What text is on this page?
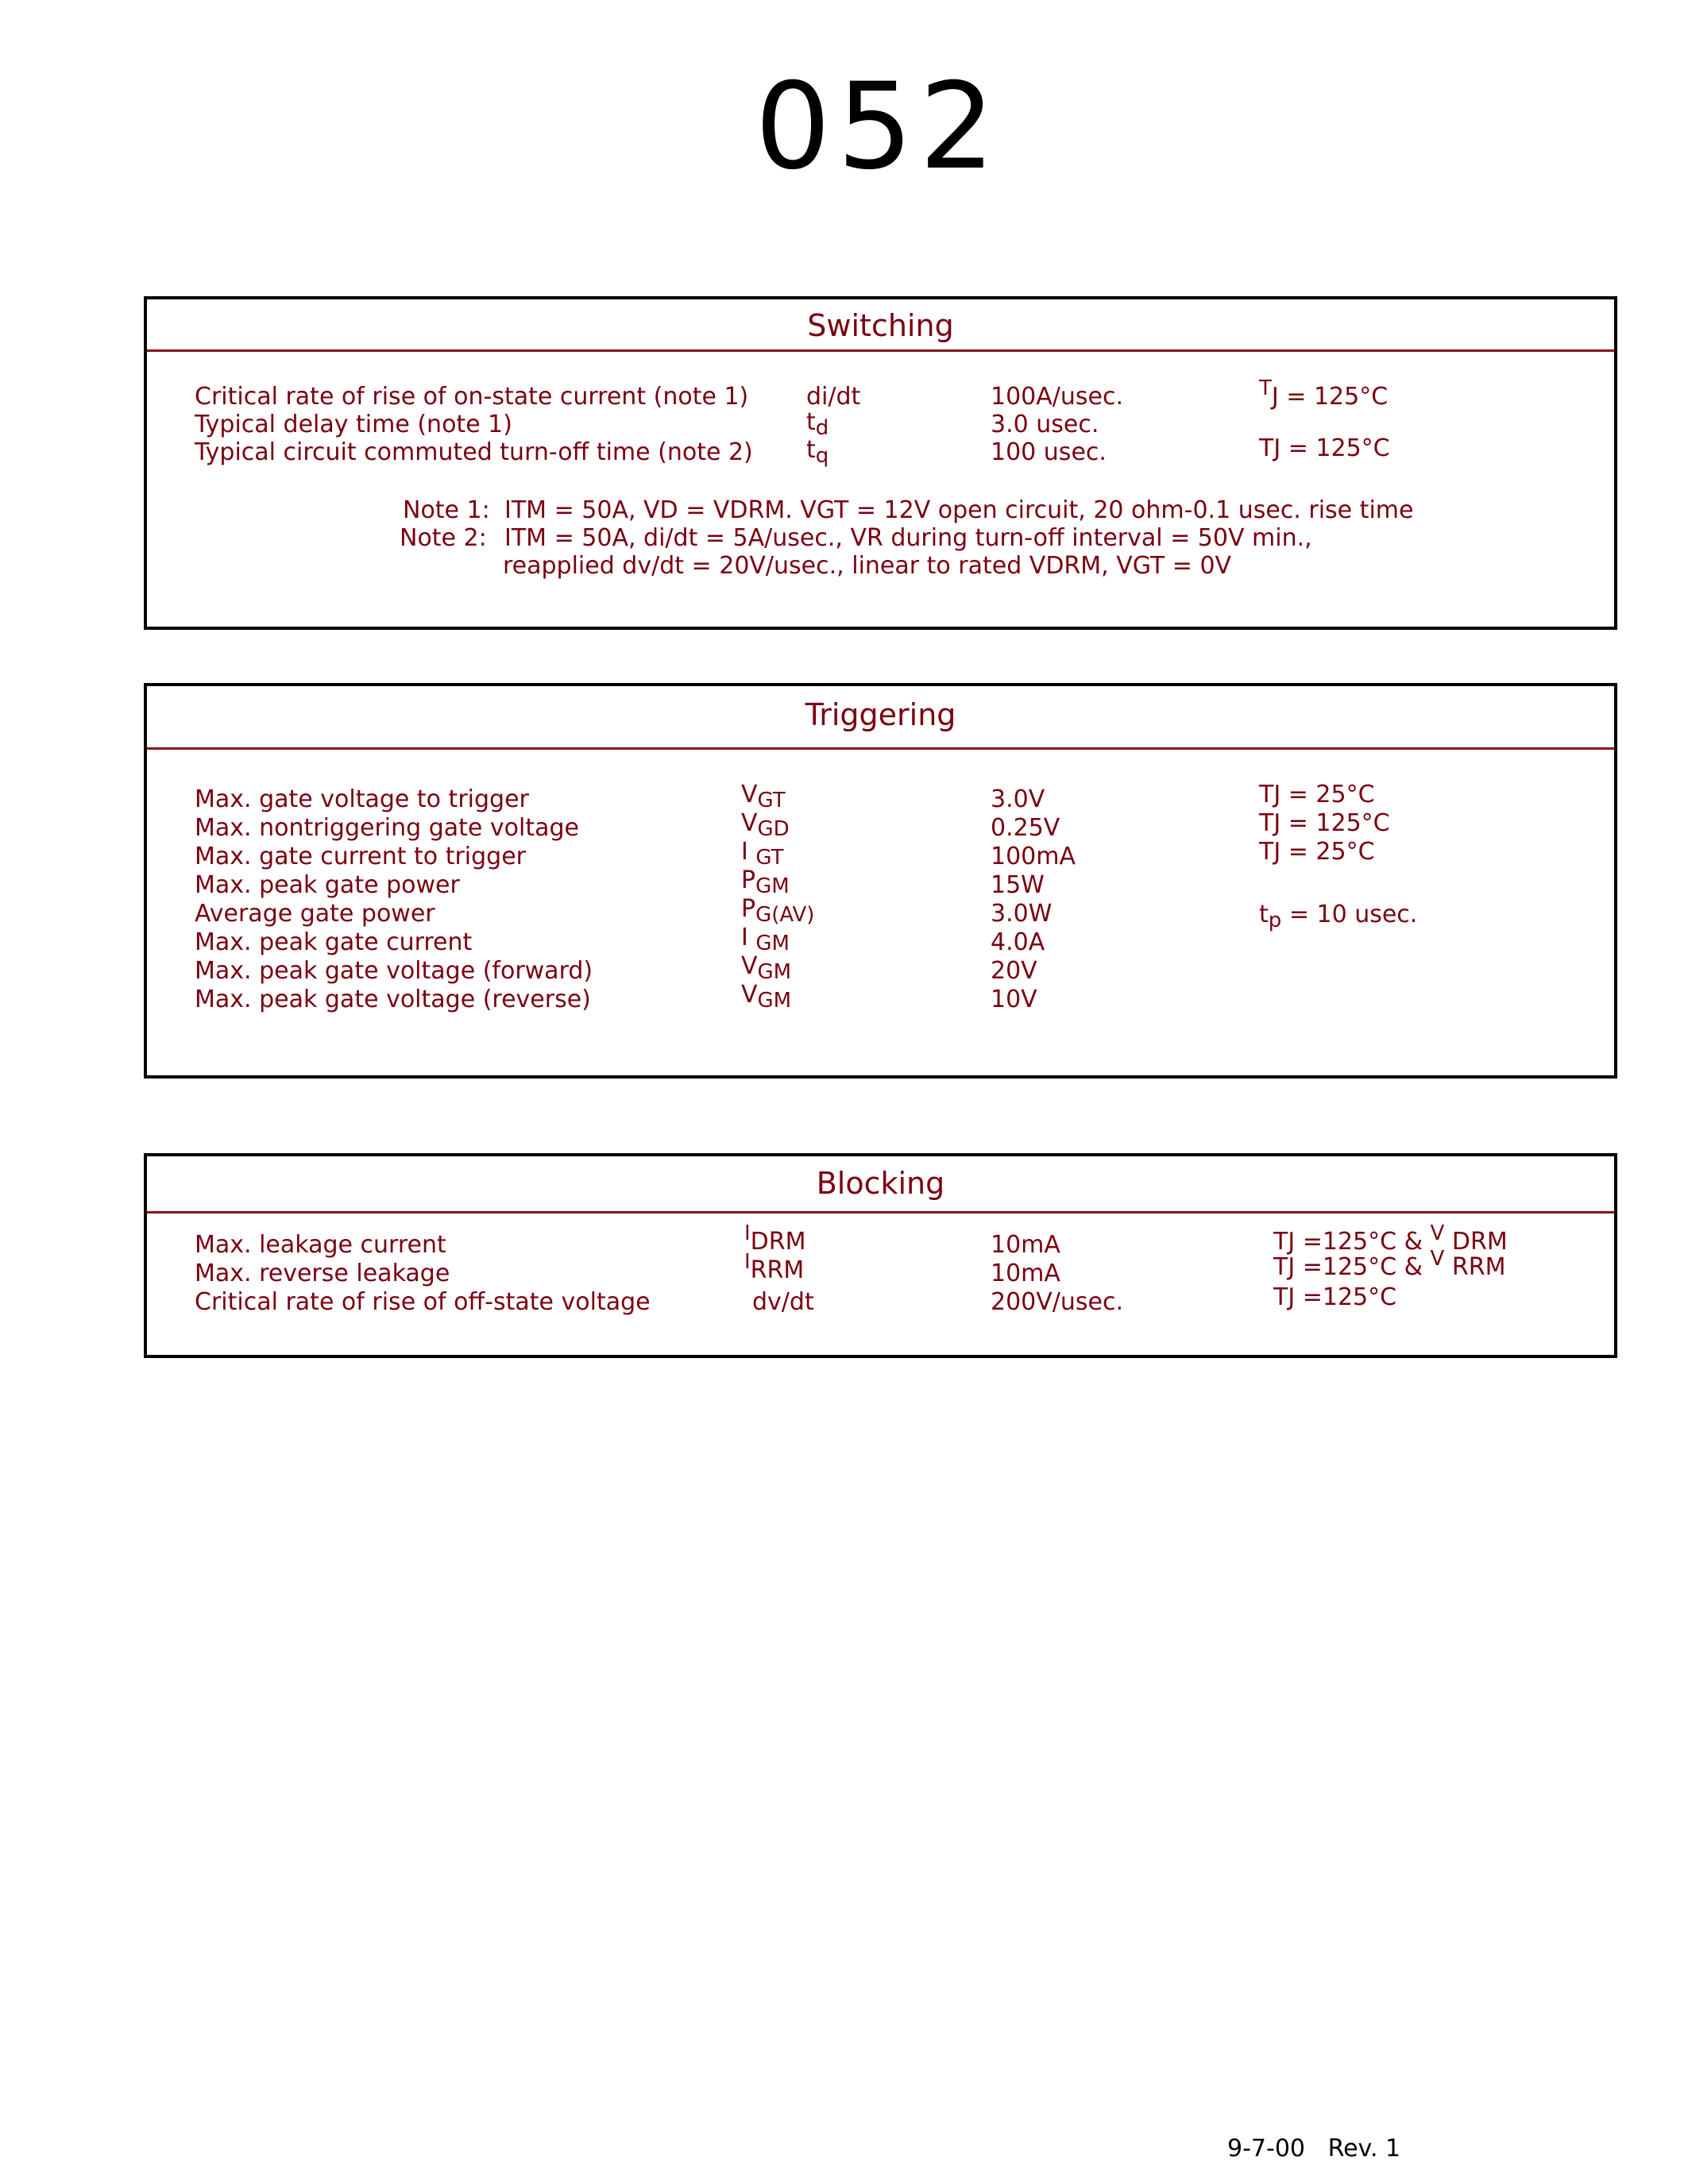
052
Switching
Critical rate of rise of on-state current (note 1) di/dt	100A/usec.	TJ = 125°C
Typical delay time (note 1)	td	3.0 usec.
Typical circuit commuted turn-off time (note 2) tq	100 usec.	TJ = 125°C
Note 1: ITM = 50A, VD = VDRM. VGT = 12V open circuit, 20 ohm-0.1 usec. rise time
Note 2: ITM = 50A, di/dt = 5A/usec., VR during turn-off interval = 50V min.,
reapplied dv/dt = 20V/usec., linear to rated VDRM, VGT = 0V
Triggering
Max. gate voltage to trigger	VGT	3.0V	TJ = 25°C
Max. nontriggering gate voltage	VGD	0.25V	TJ = 125°C
Max. gate current to trigger	I GT	100mA	TJ = 25°C
Max. peak gate power	PGM	15W
Average gate power	PG(AV)	3.0W	tp = 10 usec.
Max. peak gate current	I GM	4.0A
Max. peak gate voltage (forward)	VGM	20V
Max. peak gate voltage (reverse)	VGM	10V
Blocking
Max. leakage current	IDRM	10mA	TJ =125°C & V DRM
Max. reverse leakage	IRRM	10mA	TJ =125°C & V RRM
Critical rate of rise of off-state voltage	dv/dt	200V/usec.	TJ =125°C
9-7-00   Rev. 1
